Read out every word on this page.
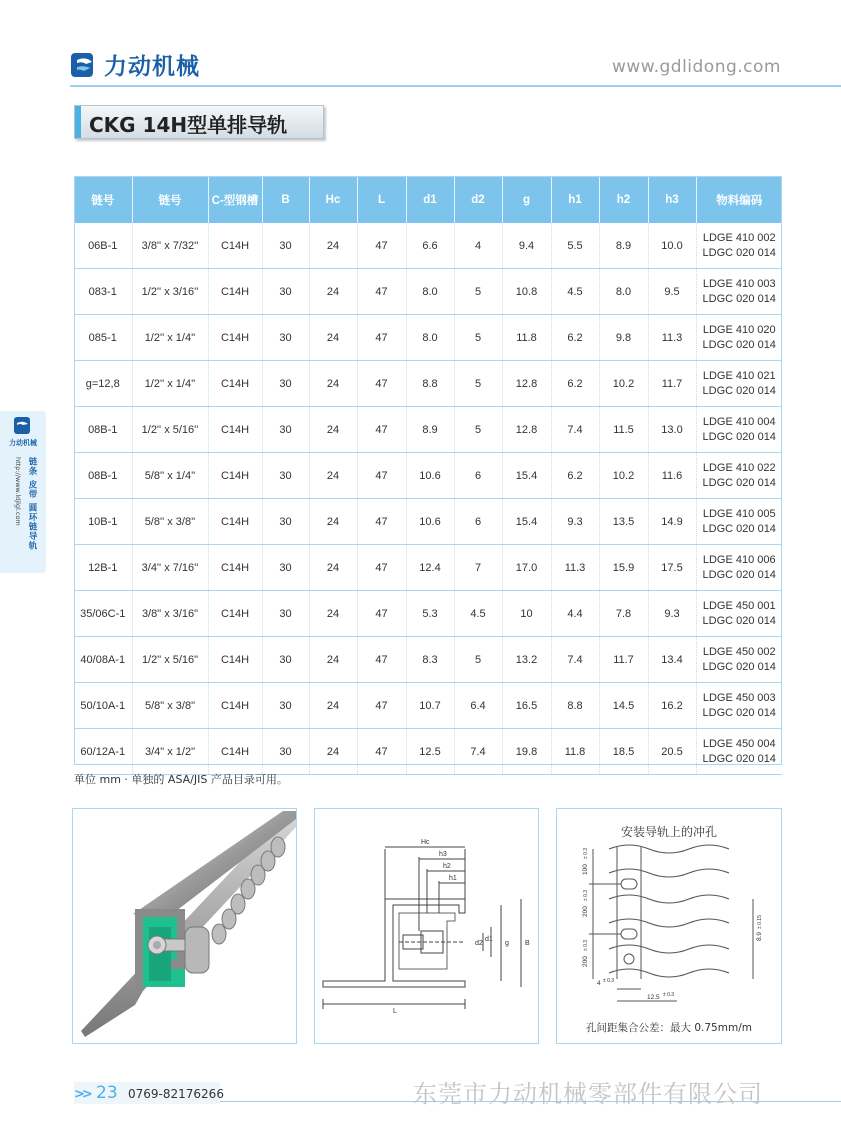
力动机械	www.gdlidong.com
CKG 14H型单排导轨
力动机械
链条 皮带 圆环链导轨
http://www.ldjlgl.com
链号	链号	C-型钢槽	B	Hc	L	d1	d2	g	h1	h2	h3	物料编码
06B-1	3/8'' x 7/32''	C14H	30	24	47	6.6	4	9.4	5.5	8.9	10.0	LDGE 410 002
LDGC 020 014

083-1	1/2'' x 3/16''	C14H	30	24	47	8.0	5	10.8	4.5	8.0	9.5	LDGE 410 003
LDGC 020 014

085-1	1/2'' x 1/4''	C14H	30	24	47	8.0	5	11.8	6.2	9.8	11.3	LDGE 410 020
LDGC 020 014

g=12,8	1/2'' x 1/4''	C14H	30	24	47	8.8	5	12.8	6.2	10.2	11.7	LDGE 410 021
LDGC 020 014

08B-1	1/2'' x 5/16''	C14H	30	24	47	8.9	5	12.8	7.4	11.5	13.0	LDGE 410 004
LDGC 020 014

08B-1	5/8'' x 1/4''	C14H	30	24	47	10.6	6	15.4	6.2	10.2	11.6	LDGE 410 022
LDGC 020 014

10B-1	5/8'' x 3/8''	C14H	30	24	47	10.6	6	15.4	9.3	13.5	14.9	LDGE 410 005
LDGC 020 014

12B-1	3/4'' x 7/16''	C14H	30	24	47	12.4	7	17.0	11.3	15.9	17.5	LDGE 410 006
LDGC 020 014

35/06C-1	3/8" x 3/16"	C14H	30	24	47	5.3	4.5	10	4.4	7.8	9.3	LDGE 450 001
LDGC 020 014

40/08A-1	1/2" x 5/16"	C14H	30	24	47	8.3	5	13.2	7.4	11.7	13.4	LDGE 450 002
LDGC 020 014

50/10A-1	5/8" x 3/8"	C14H	30	24	47	10.7	6.4	16.5	8.8	14.5	16.2	LDGE 450 003
LDGC 020 014

60/12A-1	3/4" x 1/2"	C14H	30	24	47	12.5	7.4	19.8	11.8	18.5	20.5	LDGE 450 004
LDGC 020 014
单位 mm · 单独的 ASA/JIS 产品目录可用。
Hc
h3
h2
h1
d2
d1
g B
L
安装导轨上的冲孔
100
± 0.3
200
± 0.3
200
± 0.3
8.9
± 0.15
4 ± 0.3
12.5 ± 0.3
孔间距集合公差：最大 0.75mm/m
>> 23 0769-82176266	东莞市力动机械零部件有限公司
